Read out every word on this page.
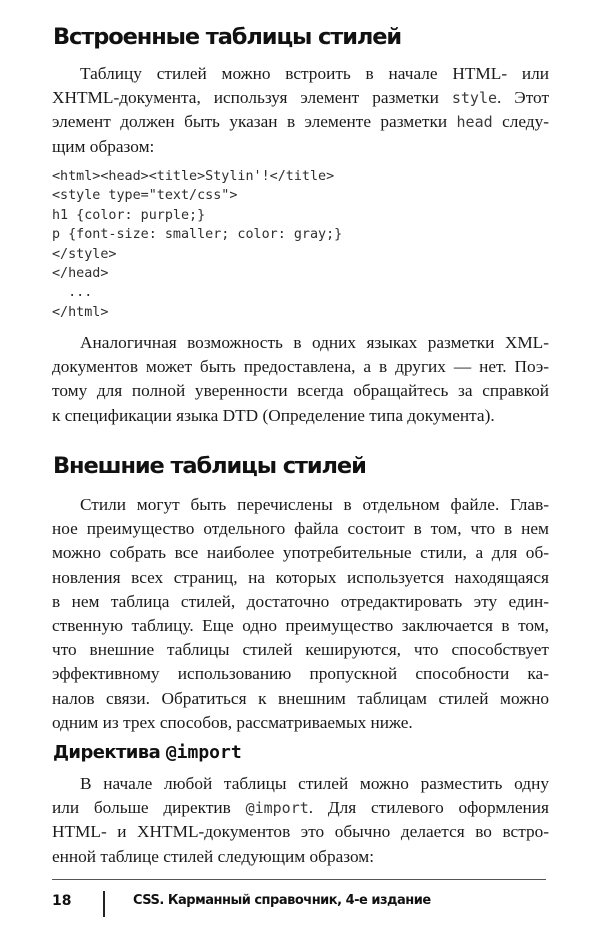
Встроенные таблицы стилей
Таблицу стилей можно встроить в начале HTML- или
XHTML-документа, используя элемент разметки style. Этот
элемент должен быть указан в элементе разметки head следу-
щим образом:
<html><head><title>Stylin'!</title>
<style type="text/css">
h1 {color: purple;}
p {font-size: smaller; color: gray;}
</style>
</head>
...
</html>
Аналогичная возможность в одних языках разметки XML-
документов может быть предоставлена, а в других — нет. Поэ-
тому для полной уверенности всегда обращайтесь за справкой
к спецификации языка DTD (Определение типа документа).
Внешние таблицы стилей
Стили могут быть перечислены в отдельном файле. Глав-
ное преимущество отдельного файла состоит в том, что в нем
можно собрать все наиболее употребительные стили, а для об-
новления всех страниц, на которых используется находящаяся
в нем таблица стилей, достаточно отредактировать эту един-
ственную таблицу. Еще одно преимущество заключается в том,
что внешние таблицы стилей кешируются, что способствует
эффективному использованию пропускной способности ка-
налов связи. Обратиться к внешним таблицам стилей можно
одним из трех способов, рассматриваемых ниже.
Директива @import
В начале любой таблицы стилей можно разместить одну
или больше директив @import. Для стилевого оформления
HTML- и XHTML-документов это обычно делается во встро-
енной таблице стилей следующим образом:
18	CSS. Карманный справочник, 4-е издание
